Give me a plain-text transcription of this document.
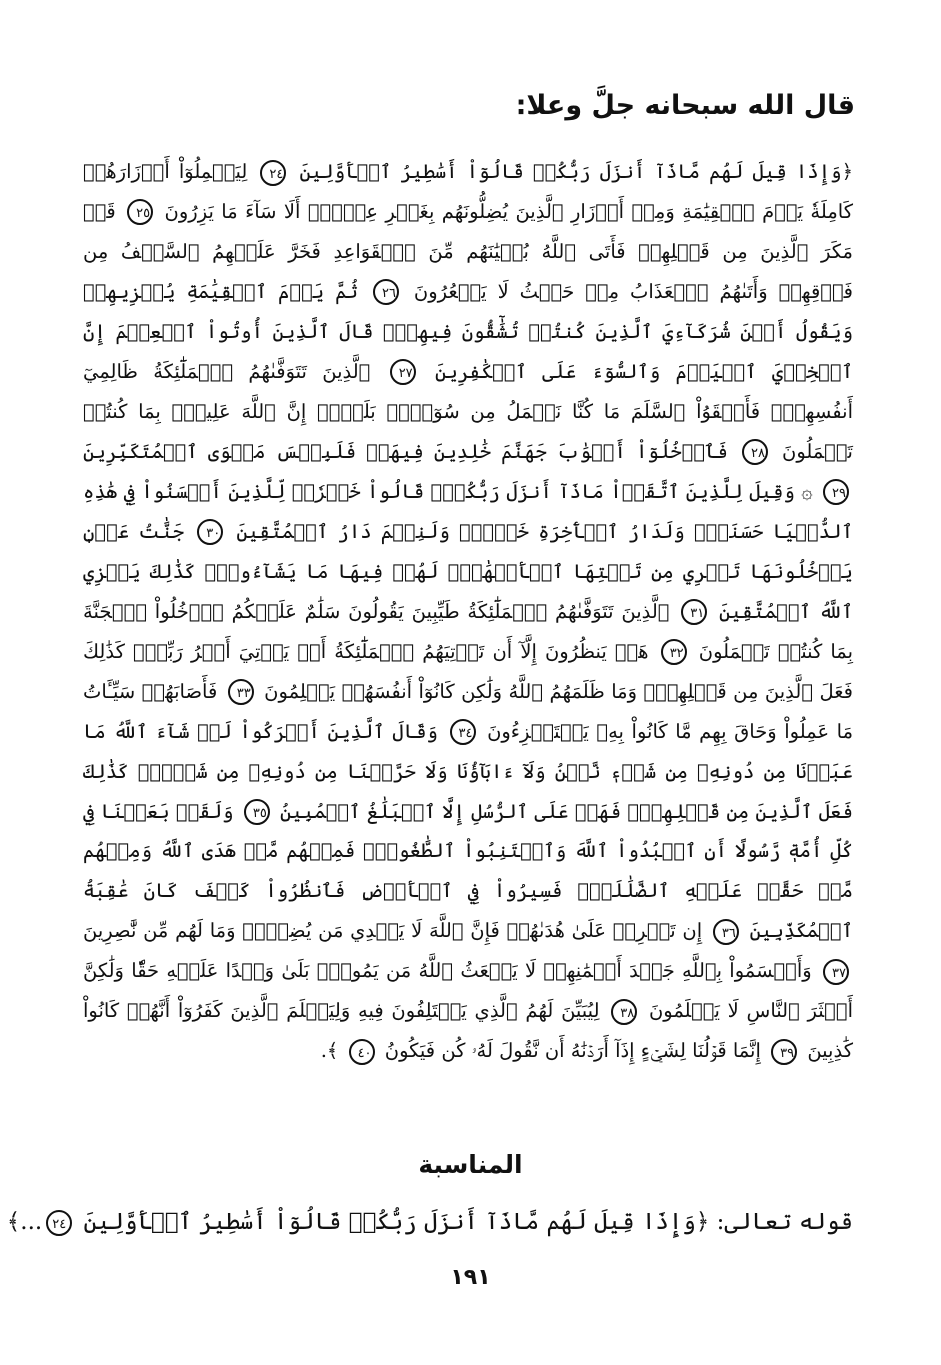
قال الله سبحانه جلَّ وعلا:
﴿وَإِذَا قِيلَ لَهُم مَّاذَآ أَنزَلَ رَبُّكُمۡ قَالُوٓاْ أَسَٰطِيرُ ٱلۡأَوَّلِينَ ٢٤ لِيَحۡمِلُوٓاْ أَوۡزَارَهُمۡ كَامِلَةٗ يَوۡمَ ٱلۡقِيَٰمَةِ وَمِنۡ أَوۡزَارِ ٱلَّذِينَ يُضِلُّونَهُم بِغَيۡرِ عِلۡمٍۗ أَلَا سَآءَ مَا يَزِرُونَ ٢٥ قَدۡ مَكَرَ ٱلَّذِينَ مِن قَبۡلِهِمۡ فَأَتَى ٱللَّهُ بُنۡيَٰنَهُم مِّنَ ٱلۡقَوَاعِدِ فَخَرَّ عَلَيۡهِمُ ٱلسَّقۡفُ مِن فَوۡقِهِمۡ وَأَتَىٰهُمُ ٱلۡعَذَابُ مِنۡ حَيۡثُ لَا يَشۡعُرُونَ ٢٦ ثُمَّ يَوۡمَ ٱلۡقِيَٰمَةِ يُخۡزِيهِمۡ وَيَقُولُ أَيۡنَ شُرَكَآءِيَ ٱلَّذِينَ كُنتُمۡ تُشَٰٓقُّونَ فِيهِمۡۚ قَالَ ٱلَّذِينَ أُوتُواْ ٱلۡعِلۡمَ إِنَّ ٱلۡخِزۡيَ ٱلۡيَوۡمَ وَٱلسُّوٓءَ عَلَى ٱلۡكَٰفِرِينَ ٢٧ ٱلَّذِينَ تَتَوَفَّىٰهُمُ ٱلۡمَلَٰٓئِكَةُ ظَالِمِيٓ أَنفُسِهِمۡۖ فَأَلۡقَوُاْ ٱلسَّلَمَ مَا كُنَّا نَعۡمَلُ مِن سُوٓءِۢۚ بَلَىٰٓۚ إِنَّ ٱللَّهَ عَلِيمُۢ بِمَا كُنتُمۡ تَعۡمَلُونَ ٢٨ فَٱدۡخُلُوٓاْ أَبۡوَٰبَ جَهَنَّمَ خَٰلِدِينَ فِيهَاۖ فَلَبِئۡسَ مَثۡوَى ٱلۡمُتَكَبِّرِينَ ٢٩ ۞ وَقِيلَ لِلَّذِينَ ٱتَّقَوۡاْ مَاذَآ أَنزَلَ رَبُّكُمۡۚ قَالُواْ خَيۡرٗاۗ لِّلَّذِينَ أَحۡسَنُواْ فِي هَٰذِهِ ٱلدُّنۡيَا حَسَنَةٞۚ وَلَدَارُ ٱلۡأٓخِرَةِ خَيۡرٞۚ وَلَنِعۡمَ دَارُ ٱلۡمُتَّقِينَ ٣٠ جَنَّٰتُ عَدۡنٖ يَدۡخُلُونَهَا تَجۡرِي مِن تَحۡتِهَا ٱلۡأَنۡهَٰرُۖ لَهُمۡ فِيهَا مَا يَشَآءُونَۚ كَذَٰلِكَ يَجۡزِي ٱللَّهُ ٱلۡمُتَّقِينَ ٣١ ٱلَّذِينَ تَتَوَفَّىٰهُمُ ٱلۡمَلَٰٓئِكَةُ طَيِّبِينَ يَقُولُونَ سَلَٰمٌ عَلَيۡكُمُ ٱدۡخُلُواْ ٱلۡجَنَّةَ بِمَا كُنتُمۡ تَعۡمَلُونَ ٣٢ هَلۡ يَنظُرُونَ إِلَّآ أَن تَأۡتِيَهُمُ ٱلۡمَلَٰٓئِكَةُ أَوۡ يَأۡتِيَ أَمۡرُ رَبِّكَۚ كَذَٰلِكَ فَعَلَ ٱلَّذِينَ مِن قَبۡلِهِمۡۚ وَمَا ظَلَمَهُمُ ٱللَّهُ وَلَٰكِن كَانُوٓاْ أَنفُسَهُمۡ يَظۡلِمُونَ ٣٣ فَأَصَابَهُمۡ سَيِّـَٔاتُ مَا عَمِلُواْ وَحَاقَ بِهِم مَّا كَانُواْ بِهِۦ يَسۡتَهۡزِءُونَ ٣٤ وَقَالَ ٱلَّذِينَ أَشۡرَكُواْ لَوۡ شَآءَ ٱللَّهُ مَا عَبَدۡنَا مِن دُونِهِۦ مِن شَيۡءٖ نَّحۡنُ وَلَآ ءَابَآؤُنَا وَلَا حَرَّمۡنَا مِن دُونِهِۦ مِن شَيۡءٖۚ كَذَٰلِكَ فَعَلَ ٱلَّذِينَ مِن قَبۡلِهِمۡۚ فَهَلۡ عَلَى ٱلرُّسُلِ إِلَّا ٱلۡبَلَٰغُ ٱلۡمُبِينُ ٣٥ وَلَقَدۡ بَعَثۡنَا فِي كُلِّ أُمَّةٖ رَّسُولًا أَنِ ٱعۡبُدُواْ ٱللَّهَ وَٱجۡتَنِبُواْ ٱلطَّٰغُوتَۖ فَمِنۡهُم مَّنۡ هَدَى ٱللَّهُ وَمِنۡهُم مَّنۡ حَقَّتۡ عَلَيۡهِ ٱلضَّلَٰلَةُۚ فَسِيرُواْ فِي ٱلۡأَرۡضِ فَٱنظُرُواْ كَيۡفَ كَانَ عَٰقِبَةُ ٱلۡمُكَذِّبِينَ ٣٦ إِن تَحۡرِصۡ عَلَىٰ هُدَىٰهُمۡ فَإِنَّ ٱللَّهَ لَا يَهۡدِي مَن يُضِلُّۖ وَمَا لَهُم مِّن نَّٰصِرِينَ ٣٧ وَأَقۡسَمُواْ بِٱللَّهِ جَهۡدَ أَيۡمَٰنِهِمۡ لَا يَبۡعَثُ ٱللَّهُ مَن يَمُوتُۚ بَلَىٰ وَعۡدًا عَلَيۡهِ حَقّٗا وَلَٰكِنَّ أَكۡثَرَ ٱلنَّاسِ لَا يَعۡلَمُونَ ٣٨ لِيُبَيِّنَ لَهُمُ ٱلَّذِي يَخۡتَلِفُونَ فِيهِ وَلِيَعۡلَمَ ٱلَّذِينَ كَفَرُوٓاْ أَنَّهُمۡ كَانُواْ كَٰذِبِينَ ٣٩ إِنَّمَا قَوۡلُنَا لِشَيۡءٍ إِذَآ أَرَدۡنَٰهُ أَن نَّقُولَ لَهُۥ كُن فَيَكُونُ ٤٠ ﴾.
المناسبة
قوله تعالى: ﴿وَإِذَا قِيلَ لَهُم مَّاذَآ أَنزَلَ رَبُّكُمۡ قَالُوٓاْ أَسَٰطِيرُ ٱلۡأَوَّلِينَ ٢٤...﴾
١٩١
